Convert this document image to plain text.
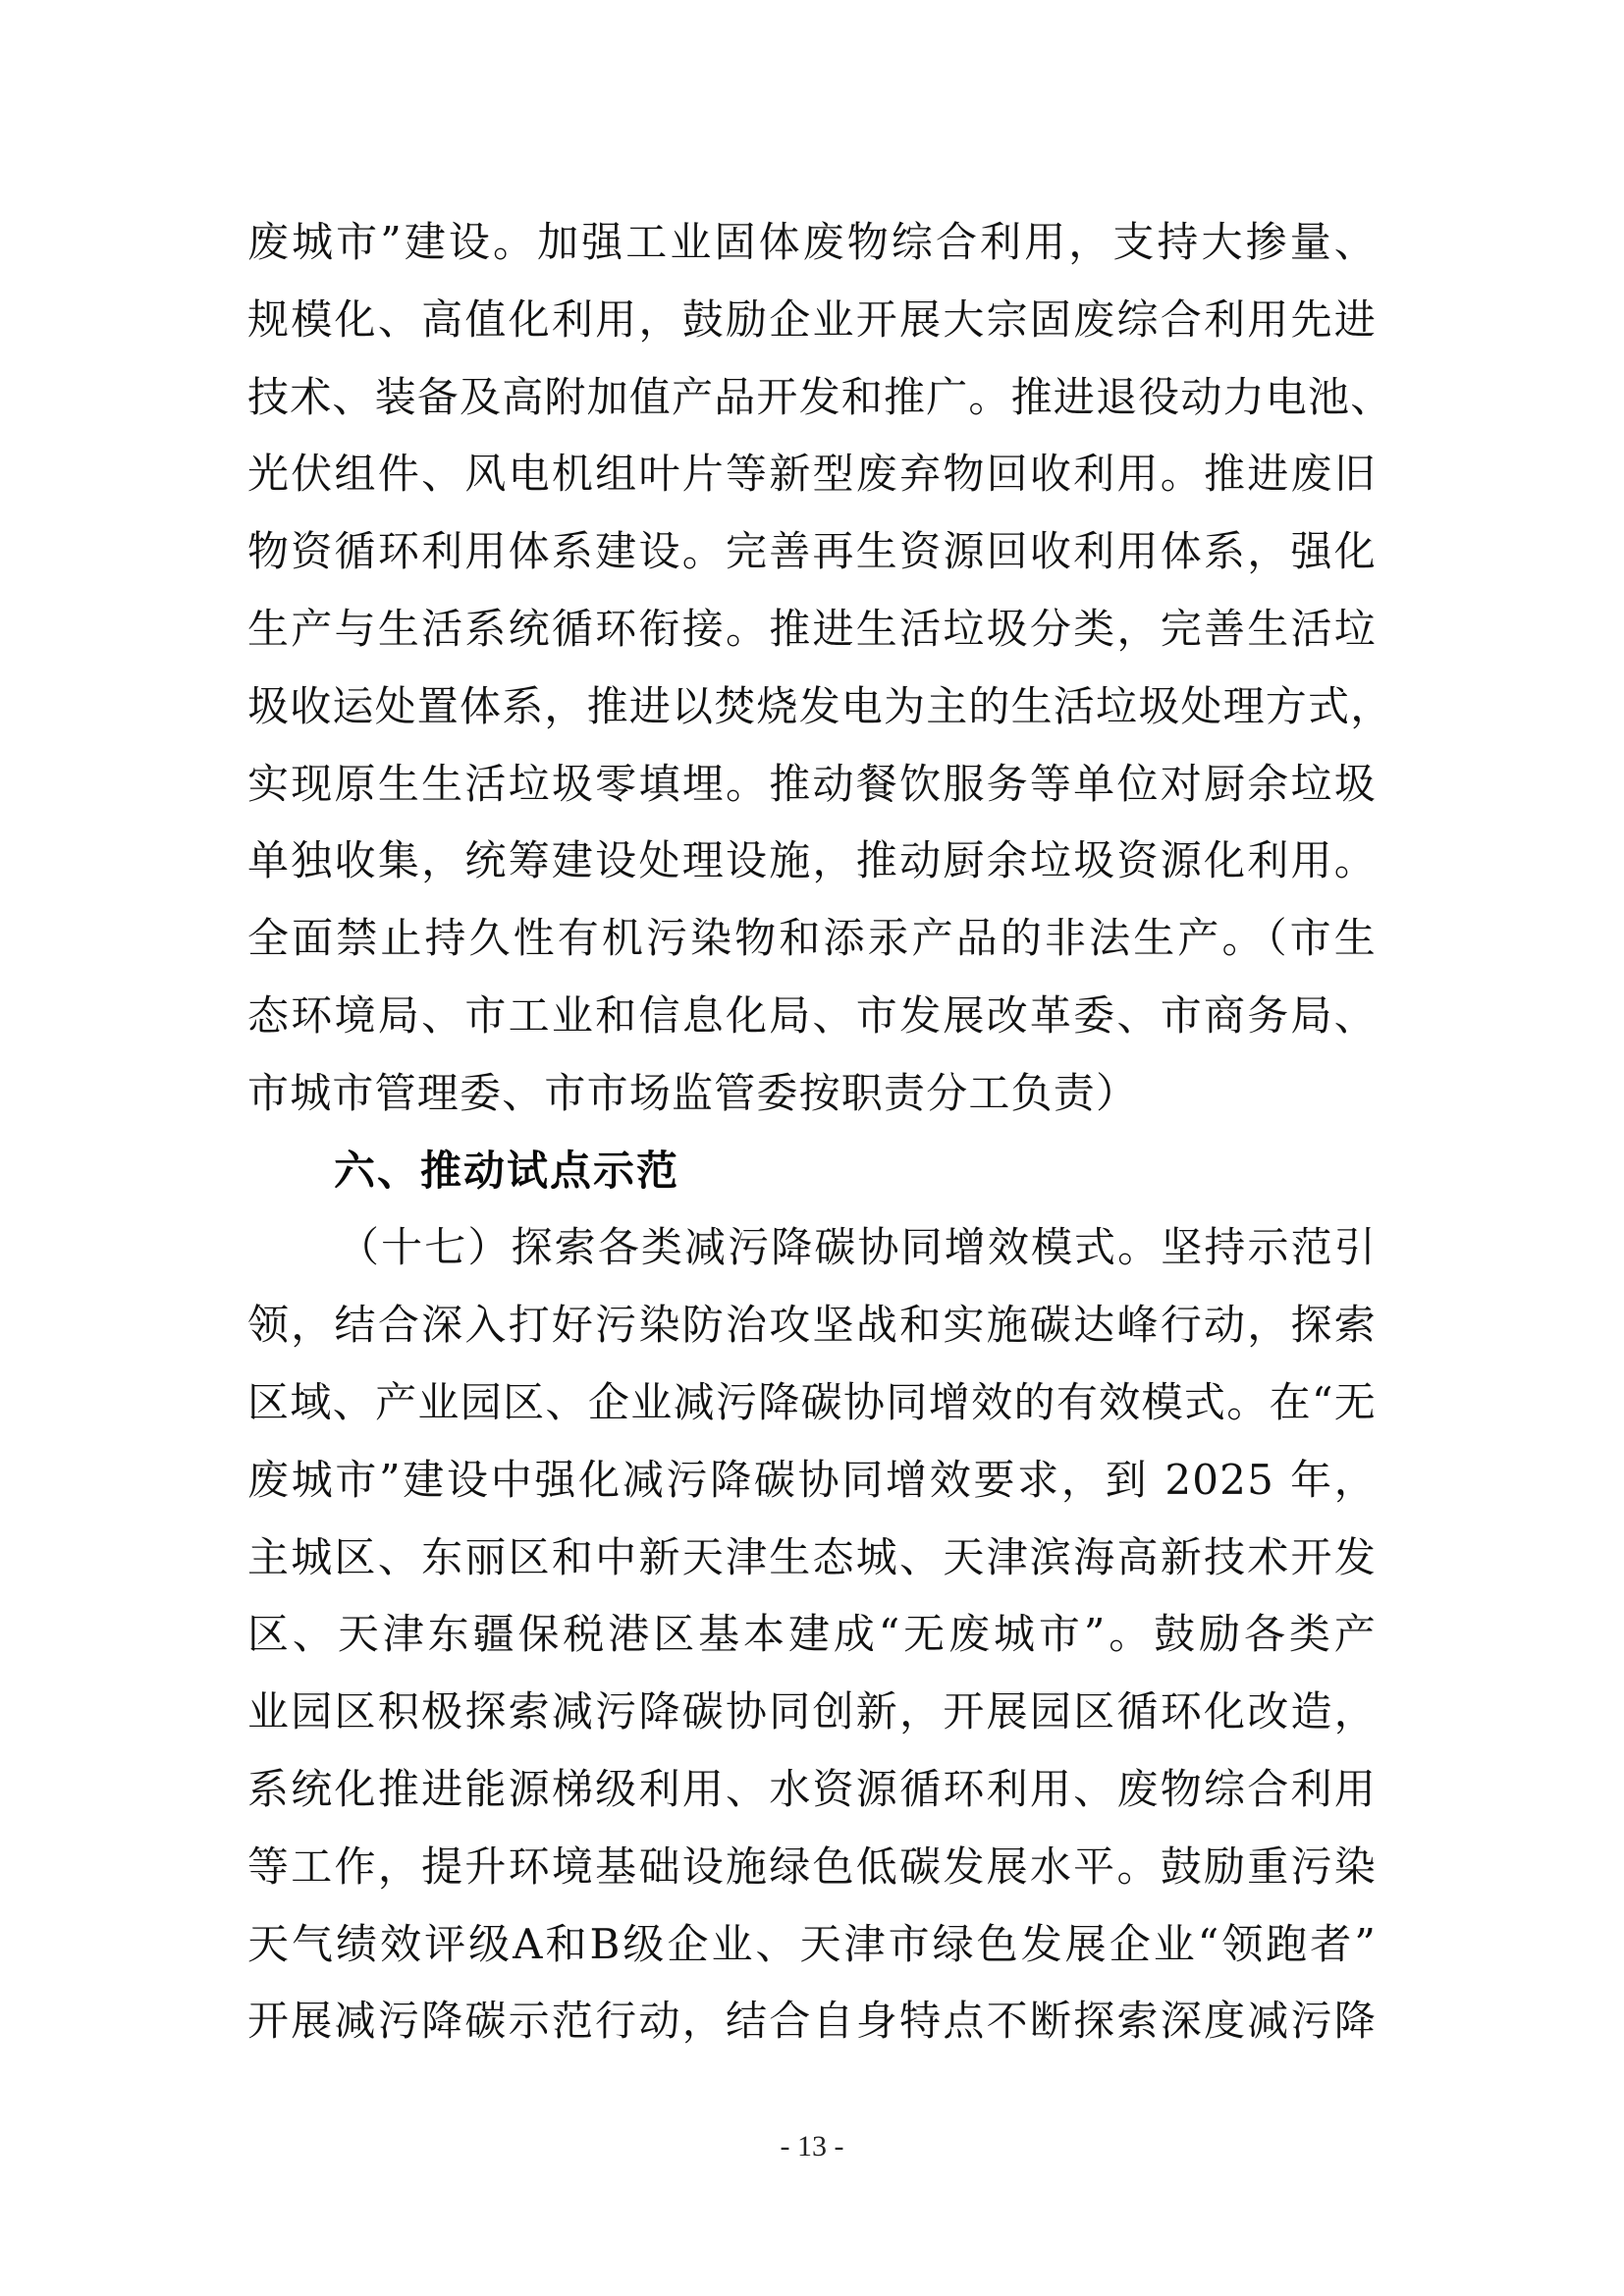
废城市”建设。加强工业固体废物综合利用，支持大掺量、
规模化、高值化利用，鼓励企业开展大宗固废综合利用先进
技术、装备及高附加值产品开发和推广。推进退役动力电池、
光伏组件、风电机组叶片等新型废弃物回收利用。推进废旧
物资循环利用体系建设。完善再生资源回收利用体系，强化
生产与生活系统循环衔接。推进生活垃圾分类，完善生活垃
圾收运处置体系，推进以焚烧发电为主的生活垃圾处理方式，
实现原生生活垃圾零填埋。推动餐饮服务等单位对厨余垃圾
单独收集，统筹建设处理设施，推动厨余垃圾资源化利用。
全面禁止持久性有机污染物和添汞产品的非法生产。（市生
态环境局、市工业和信息化局、市发展改革委、市商务局、
市城市管理委、市市场监管委按职责分工负责）
六、推动试点示范
（十七）探索各类减污降碳协同增效模式。坚持示范引
领，结合深入打好污染防治攻坚战和实施碳达峰行动，探索
区域、产业园区、企业减污降碳协同增效的有效模式。在“无
废城市”建设中强化减污降碳协同增效要求，到 2025 年，
主城区、东丽区和中新天津生态城、天津滨海高新技术开发
区、天津东疆保税港区基本建成“无废城市”。鼓励各类产
业园区积极探索减污降碳协同创新，开展园区循环化改造，
系统化推进能源梯级利用、水资源循环利用、废物综合利用
等工作，提升环境基础设施绿色低碳发展水平。鼓励重污染
天气绩效评级A和B级企业、天津市绿色发展企业“领跑者”
开展减污降碳示范行动，结合自身特点不断探索深度减污降
- 13 -
